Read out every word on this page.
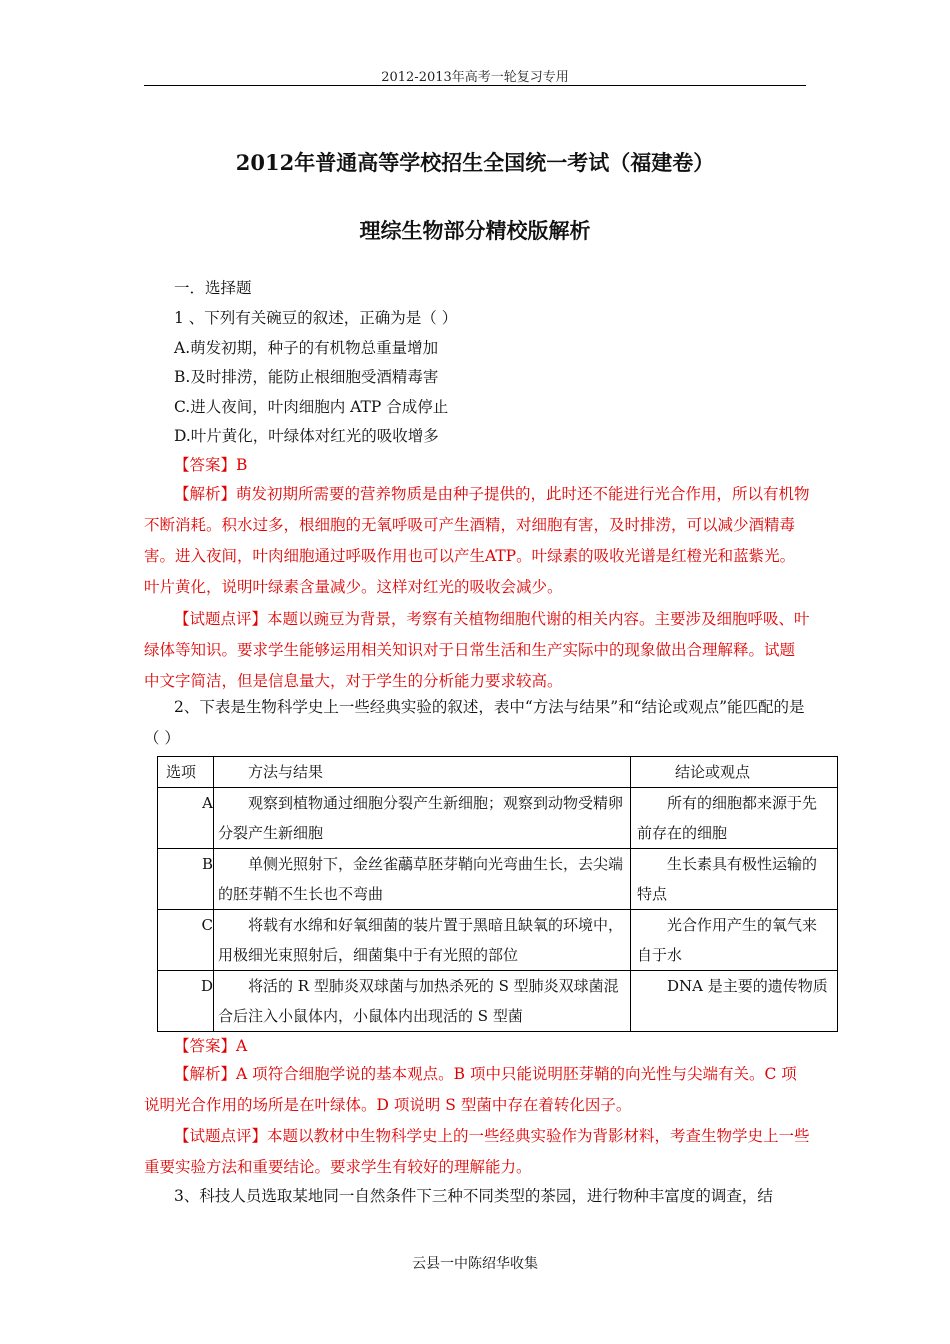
2012-2013年高考一轮复习专用
2012年普通高等学校招生全国统一考试（福建卷）
理综生物部分精校版解析
一．选择题
1 、下列有关碗豆的叙述，正确为是（ ）
A.萌发初期，种子的有机物总重量增加
B.及时排涝，能防止根细胞受酒精毒害
C.进人夜间，叶肉细胞内 ATP 合成停止
D.叶片黄化，叶绿体对红光的吸收增多
【答案】B

【解析】萌发初期所需要的营养物质是由种子提供的，此时还不能进行光合作用，所以有机物不断消耗。积水过多，根细胞的无氧呼吸可产生酒精，对细胞有害，及时排涝，可以减少酒精毒害。进入夜间，叶肉细胞通过呼吸作用也可以产生ATP。叶绿素的吸收光谱是红橙光和蓝紫光。叶片黄化，说明叶绿素含量减少。这样对红光的吸收会减少。

【试题点评】本题以豌豆为背景，考察有关植物细胞代谢的相关内容。主要涉及细胞呼吸、叶绿体等知识。要求学生能够运用相关知识对于日常生活和生产实际中的现象做出合理解释。试题中文字简洁，但是信息量大，对于学生的分析能力要求较高。

2、下表是生物科学史上一些经典实验的叙述，表中“方法与结果”和“结论或观点”能匹配的是（ ）

选项	方法与结果	结论或观点
A	观察到植物通过细胞分裂产生新细胞；观察到动物受精卵分裂产生新细胞	所有的细胞都来源于先前存在的细胞
B	单侧光照射下，金丝雀虉草胚芽鞘向光弯曲生长，去尖端的胚芽鞘不生长也不弯曲	生长素具有极性运输的特点
C	将载有水绵和好氧细菌的装片置于黑暗且缺氧的环境中，用极细光束照射后，细菌集中于有光照的部位	光合作用产生的氧气来自于水
D	将活的 R 型肺炎双球菌与加热杀死的 S 型肺炎双球菌混合后注入小鼠体内，小鼠体内出现活的 S 型菌	DNA 是主要的遗传物质
【答案】A

【解析】A 项符合细胞学说的基本观点。B 项中只能说明胚芽鞘的向光性与尖端有关。C 项说明光合作用的场所是在叶绿体。D 项说明 S 型菌中存在着转化因子。

【试题点评】本题以教材中生物科学史上的一些经典实验作为背影材料，考查生物学史上一些重要实验方法和重要结论。要求学生有较好的理解能力。

3、科技人员选取某地同一自然条件下三种不同类型的茶园，进行物种丰富度的调查，结

云县一中陈绍华收集
